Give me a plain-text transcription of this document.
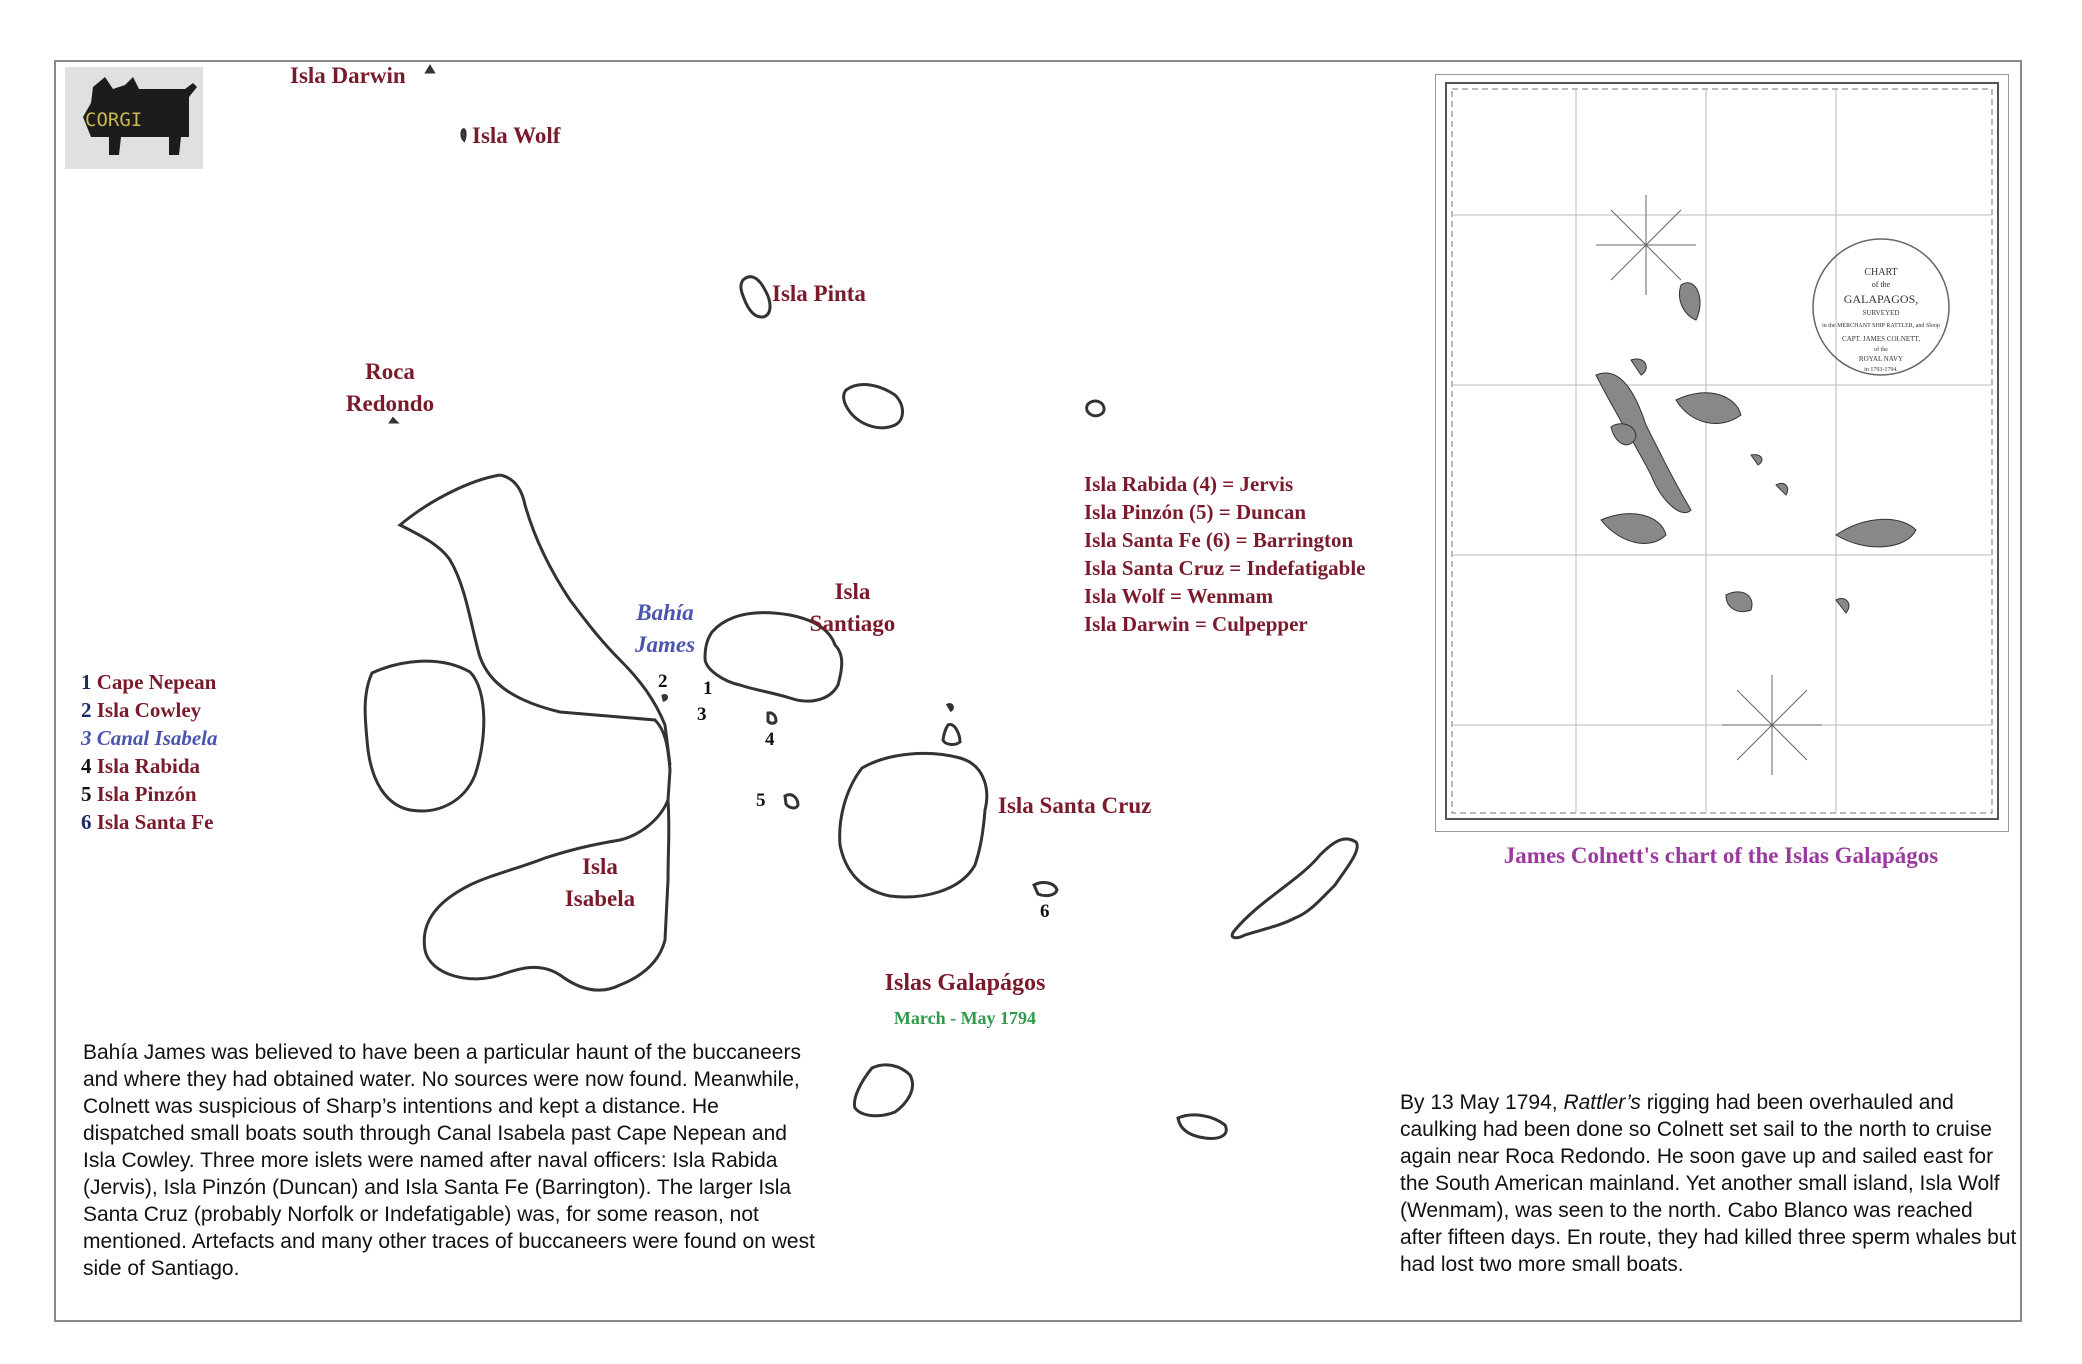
CORGI
Isla Darwin
Isla Wolf
Isla Pinta
Roca
Redondo
Bahía
James
Isla
Santiago
Isla Santa Cruz
Isla
Isabela
1
2
3
4
5
6
1 Cape Nepean
2 Isla Cowley
3 Canal Isabela
4 Isla Rabida
5 Isla Pinzón
6 Isla Santa Fe
Isla Rabida (4) = Jervis
Isla Pinzón (5) = Duncan
Isla Santa Fe (6) = Barrington
Isla Santa Cruz = Indefatigable
Isla Wolf = Wenmam
Isla Darwin = Culpepper
Islas Galapágos
March - May 1794
CHART
of the
GALAPAGOS,
SURVEYED
in the MERCHANT SHIP RATTLER, and Sloop
CAPT. JAMES COLNETT,
of the
ROYAL NAVY
in 1793-1794.
James Colnett's chart of the Islas Galapágos
Bahía James was believed to have been a particular haunt of the buccaneers and where they had obtained water. No sources were now found. Meanwhile, Colnett was suspicious of Sharp’s intentions and kept a distance. He dispatched small boats south through Canal Isabela past Cape Nepean and Isla Cowley. Three more islets were named after naval officers: Isla Rabida (Jervis), Isla Pinzón (Duncan) and Isla Santa Fe (Barrington). The larger Isla Santa Cruz (probably Norfolk or Indefatigable) was, for some reason, not mentioned. Artefacts and many other traces of buccaneers were found on west side of Santiago.
By 13 May 1794, Rattler’s rigging had been overhauled and caulking had been done so Colnett set sail to the north to cruise again near Roca Redondo. He soon gave up and sailed east for the South American mainland. Yet another small island, Isla Wolf (Wenmam), was seen to the north. Cabo Blanco was reached after fifteen days. En route, they had killed three sperm whales but had lost two more small boats.
